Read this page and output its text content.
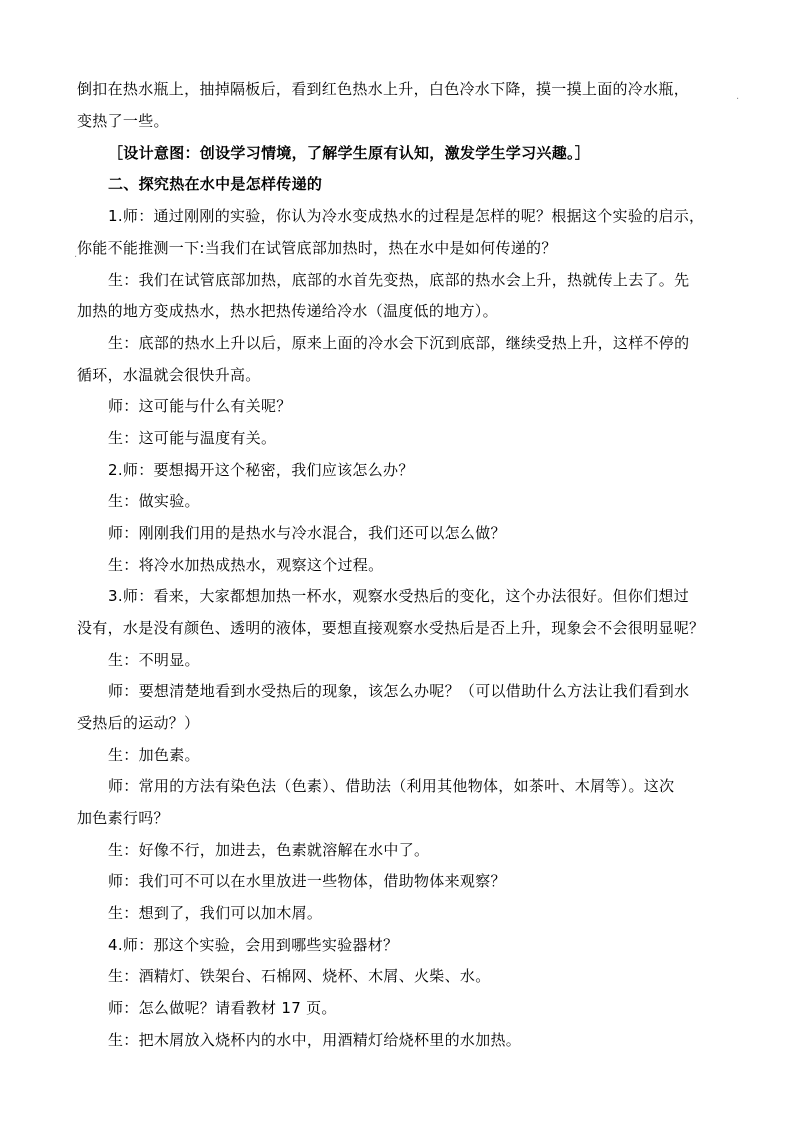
倒扣在热水瓶上，抽掉隔板后，看到红色热水上升，白色冷水下降，摸一摸上面的冷水瓶，
变热了一些。
［设计意图：创设学习情境，了解学生原有认知，激发学生学习兴趣。］
二、探究热在水中是怎样传递的
1.师：通过刚刚的实验，你认为冷水变成热水的过程是怎样的呢？根据这个实验的启示，
你能不能推测一下:当我们在试管底部加热时，热在水中是如何传递的？
生：我们在试管底部加热，底部的水首先变热，底部的热水会上升，热就传上去了。先
加热的地方变成热水，热水把热传递给冷水（温度低的地方）。
生：底部的热水上升以后，原来上面的冷水会下沉到底部，继续受热上升，这样不停的
循环，水温就会很快升高。
师：这可能与什么有关呢？
生：这可能与温度有关。
2.师：要想揭开这个秘密，我们应该怎么办？
生：做实验。
师：刚刚我们用的是热水与冷水混合，我们还可以怎么做？
生：将冷水加热成热水，观察这个过程。
3.师：看来，大家都想加热一杯水，观察水受热后的变化，这个办法很好。但你们想过
没有，水是没有颜色、透明的液体，要想直接观察水受热后是否上升，现象会不会很明显呢？
生：不明显。
师：要想清楚地看到水受热后的现象，该怎么办呢？（可以借助什么方法让我们看到水
受热后的运动？）
生：加色素。
师：常用的方法有染色法（色素）、借助法（利用其他物体，如茶叶、木屑等）。这次
加色素行吗？
生：好像不行，加进去，色素就溶解在水中了。
师：我们可不可以在水里放进一些物体，借助物体来观察？
生：想到了，我们可以加木屑。
4.师：那这个实验，会用到哪些实验器材？
生：酒精灯、铁架台、石棉网、烧杯、木屑、火柴、水。
师：怎么做呢？请看教材 17 页。
生：把木屑放入烧杯内的水中，用酒精灯给烧杯里的水加热。
.
.
